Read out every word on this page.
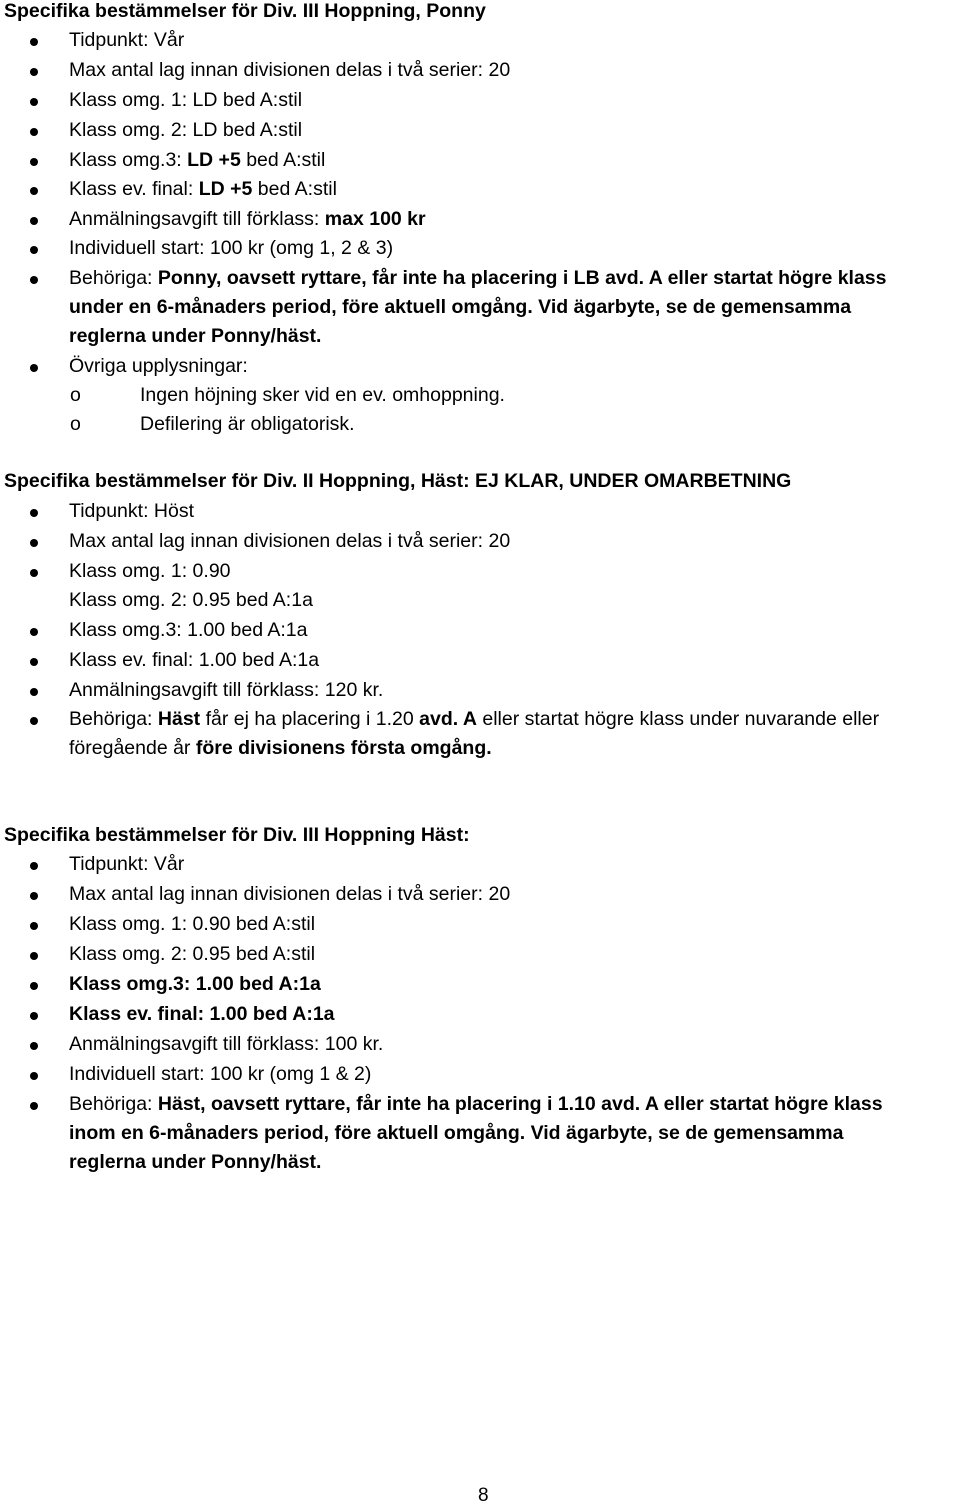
Specifika bestämmelser för Div. III Hoppning, Ponny
Tidpunkt: Vår
Max antal lag innan divisionen delas i två serier: 20
Klass omg. 1: LD bed A:stil
Klass omg. 2: LD bed A:stil
Klass omg.3: LD +5 bed A:stil
Klass ev. final: LD +5 bed A:stil
Anmälningsavgift till förklass: max 100 kr
Individuell start: 100 kr (omg 1, 2 & 3)
Behöriga: Ponny, oavsett ryttare, får inte ha placering i LB avd. A eller startat högre klass
under en 6-månaders period, före aktuell omgång. Vid ägarbyte, se de gemensamma
reglerna under Ponny/häst.
Övriga upplysningar:
o	Ingen höjning sker vid en ev. omhoppning.
o	Defilering är obligatorisk.
Specifika bestämmelser för Div. II Hoppning, Häst: EJ KLAR, UNDER OMARBETNING
Tidpunkt: Höst
Max antal lag innan divisionen delas i två serier: 20
Klass omg. 1: 0.90
Klass omg. 2: 0.95 bed A:1a
Klass omg.3: 1.00 bed A:1a
Klass ev. final: 1.00 bed A:1a
Anmälningsavgift till förklass: 120 kr.
Behöriga: Häst får ej ha placering i 1.20 avd. A eller startat högre klass under nuvarande eller
föregående år före divisionens första omgång.
Specifika bestämmelser för Div. III Hoppning Häst:
Tidpunkt: Vår
Max antal lag innan divisionen delas i två serier: 20
Klass omg. 1: 0.90 bed A:stil
Klass omg. 2: 0.95 bed A:stil
Klass omg.3: 1.00 bed A:1a
Klass ev. final: 1.00 bed A:1a
Anmälningsavgift till förklass: 100 kr.
Individuell start: 100 kr (omg 1 & 2)
Behöriga: Häst, oavsett ryttare, får inte ha placering i 1.10 avd. A eller startat högre klass
inom en 6-månaders period, före aktuell omgång. Vid ägarbyte, se de gemensamma
reglerna under Ponny/häst.
8
